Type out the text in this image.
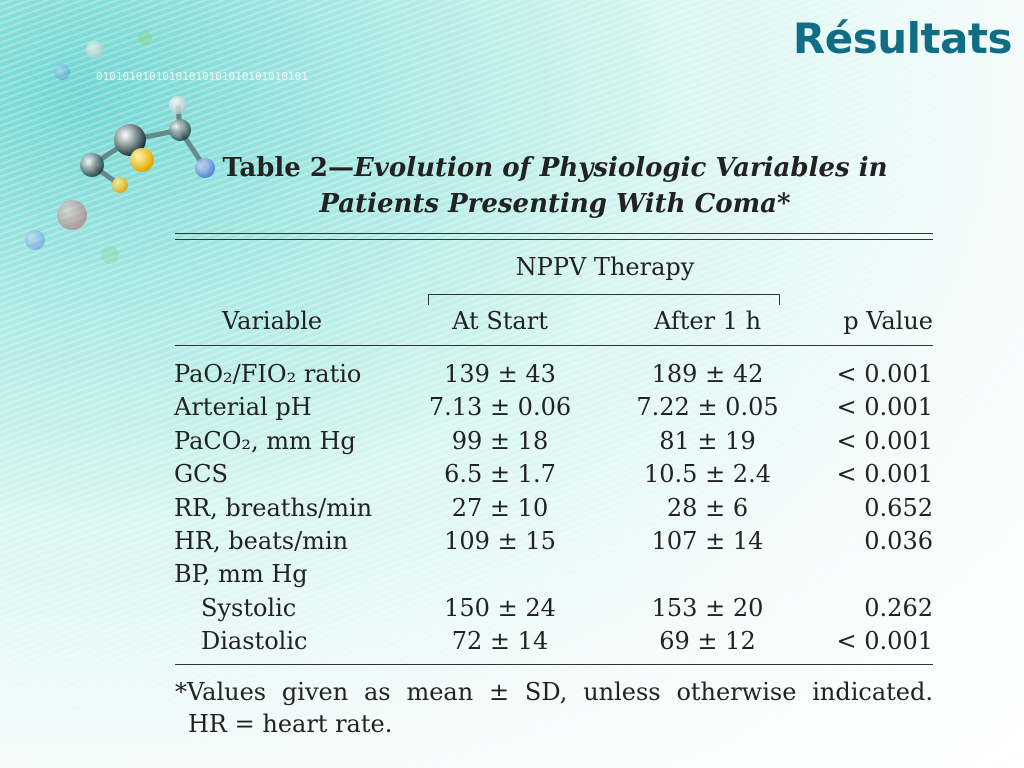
01010101010101010101010101010101
Résultats
Table 2—Evolution of Physiologic Variables in
Patients Presenting With Coma*
NPPV Therapy
Variable	At Start	After 1 h	p Value
PaO₂/FIO₂ ratio	139 ± 43	189 ± 42	< 0.001
Arterial pH	7.13 ± 0.06	7.22 ± 0.05	< 0.001
PaCO₂, mm Hg	99 ± 18	81 ± 19	< 0.001
GCS	6.5 ± 1.7	10.5 ± 2.4	< 0.001
RR, breaths/min	27 ± 10	28 ± 6	0.652
HR, beats/min	109 ± 15	107 ± 14	0.036
BP, mm Hg
Systolic	150 ± 24	153 ± 20	0.262
Diastolic	72 ± 14	69 ± 12	< 0.001
*Values given as mean ± SD, unless otherwise indicated.
HR = heart rate.
